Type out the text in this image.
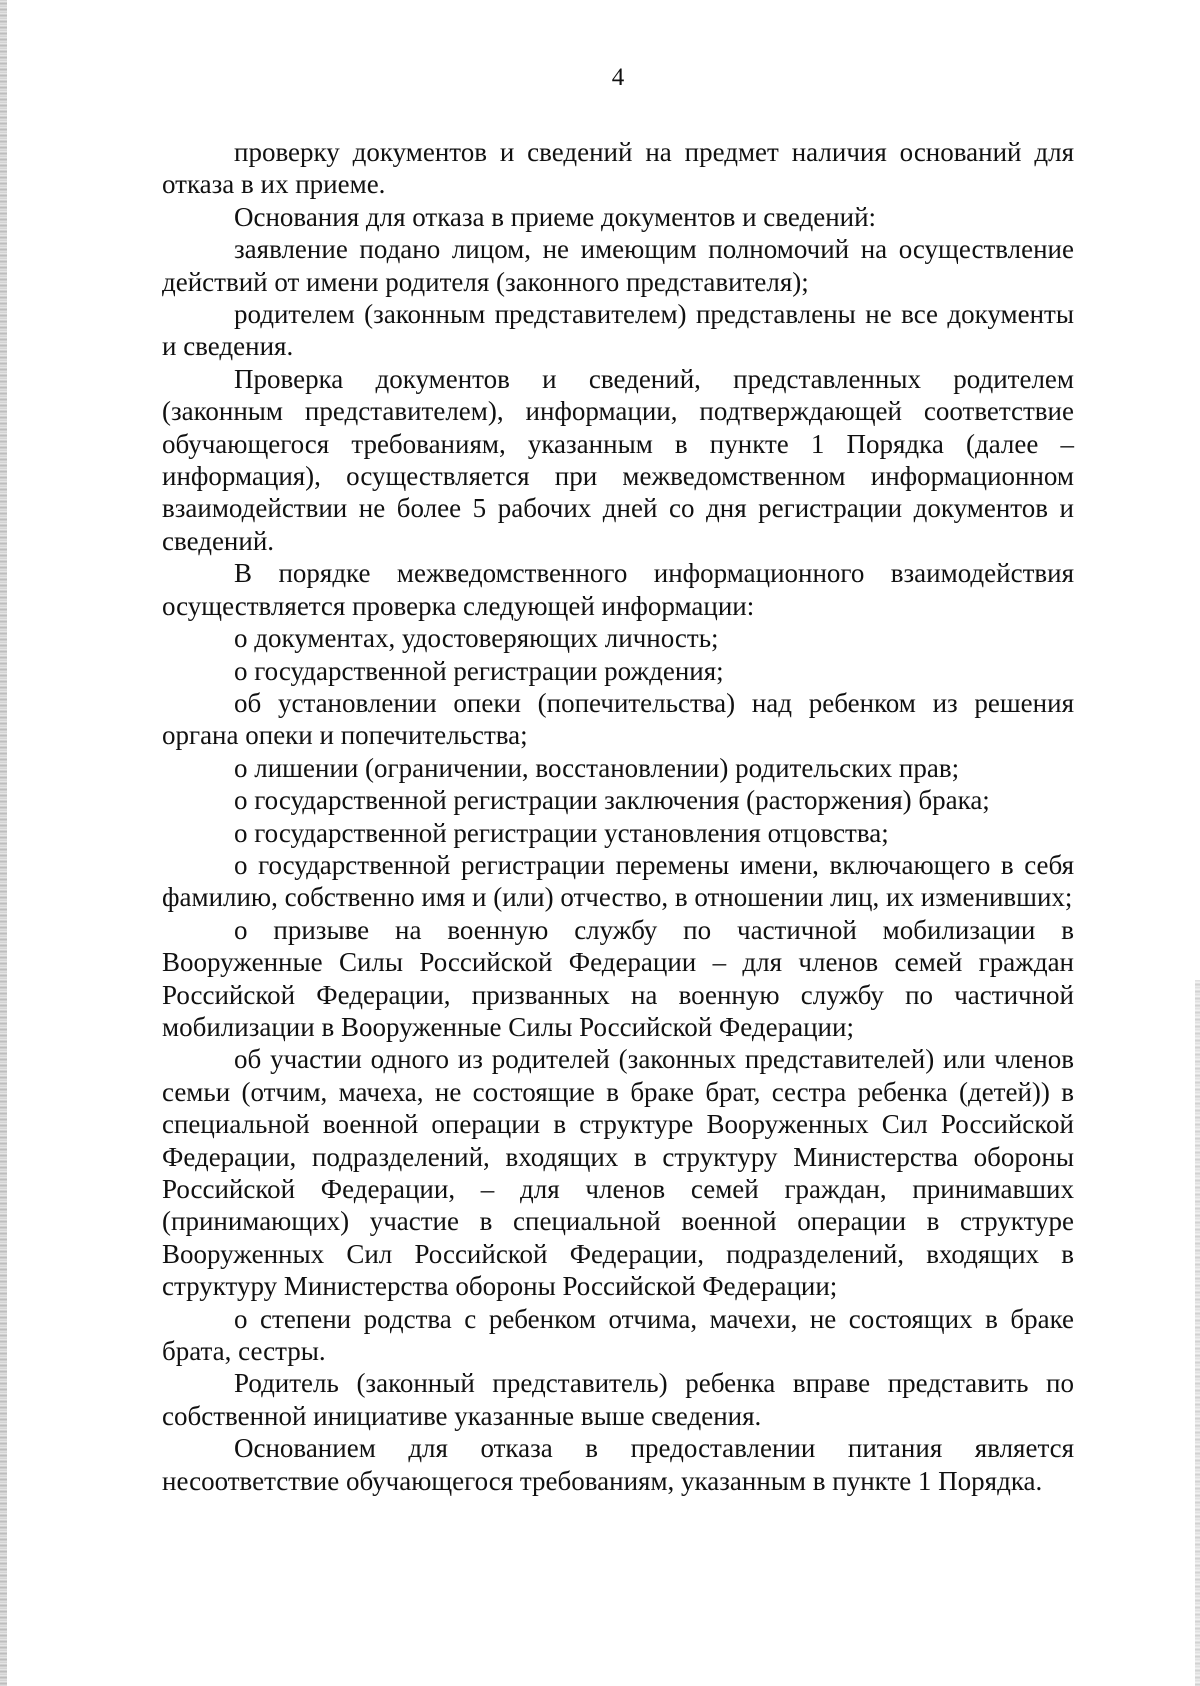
4

проверку документов и сведений на предмет наличия оснований для отказа в их приеме.

Основания для отказа в приеме документов и сведений:

заявление подано лицом, не имеющим полномочий на осуществление действий от имени родителя (законного представителя);

родителем (законным представителем) представлены не все документы и сведения.

Проверка документов и сведений, представленных родителем (законным представителем), информации, подтверждающей соответствие обучающегося требованиям, указанным в пункте 1 Порядка (далее – информация), осуществляется при межведомственном информационном взаимодействии не более 5 рабочих дней со дня регистрации документов и сведений.

В порядке межведомственного информационного взаимодействия осуществляется проверка следующей информации:

о документах, удостоверяющих личность;

о государственной регистрации рождения;

об установлении опеки (попечительства) над ребенком из решения органа опеки и попечительства;

о лишении (ограничении, восстановлении) родительских прав;

о государственной регистрации заключения (расторжения) брака;

о государственной регистрации установления отцовства;

о государственной регистрации перемены имени, включающего в себя фамилию, собственно имя и (или) отчество, в отношении лиц, их изменивших;

о призыве на военную службу по частичной мобилизации в Вооруженные Силы Российской Федерации – для членов семей граждан Российской Федерации, призванных на военную службу по частичной мобилизации в Вооруженные Силы Российской Федерации;

об участии одного из родителей (законных представителей) или членов семьи (отчим, мачеха, не состоящие в браке брат, сестра ребенка (детей)) в специальной военной операции в структуре Вооруженных Сил Российской Федерации, подразделений, входящих в структуру Министерства обороны Российской Федерации, – для членов семей граждан, принимавших (принимающих) участие в специальной военной операции в структуре Вооруженных Сил Российской Федерации, подразделений, входящих в структуру Министерства обороны Российской Федерации;

о степени родства с ребенком отчима, мачехи, не состоящих в браке брата, сестры.

Родитель (законный представитель) ребенка вправе представить по собственной инициативе указанные выше сведения.

Основанием для отказа в предоставлении питания является несоответствие обучающегося требованиям, указанным в пункте 1 Порядка.
